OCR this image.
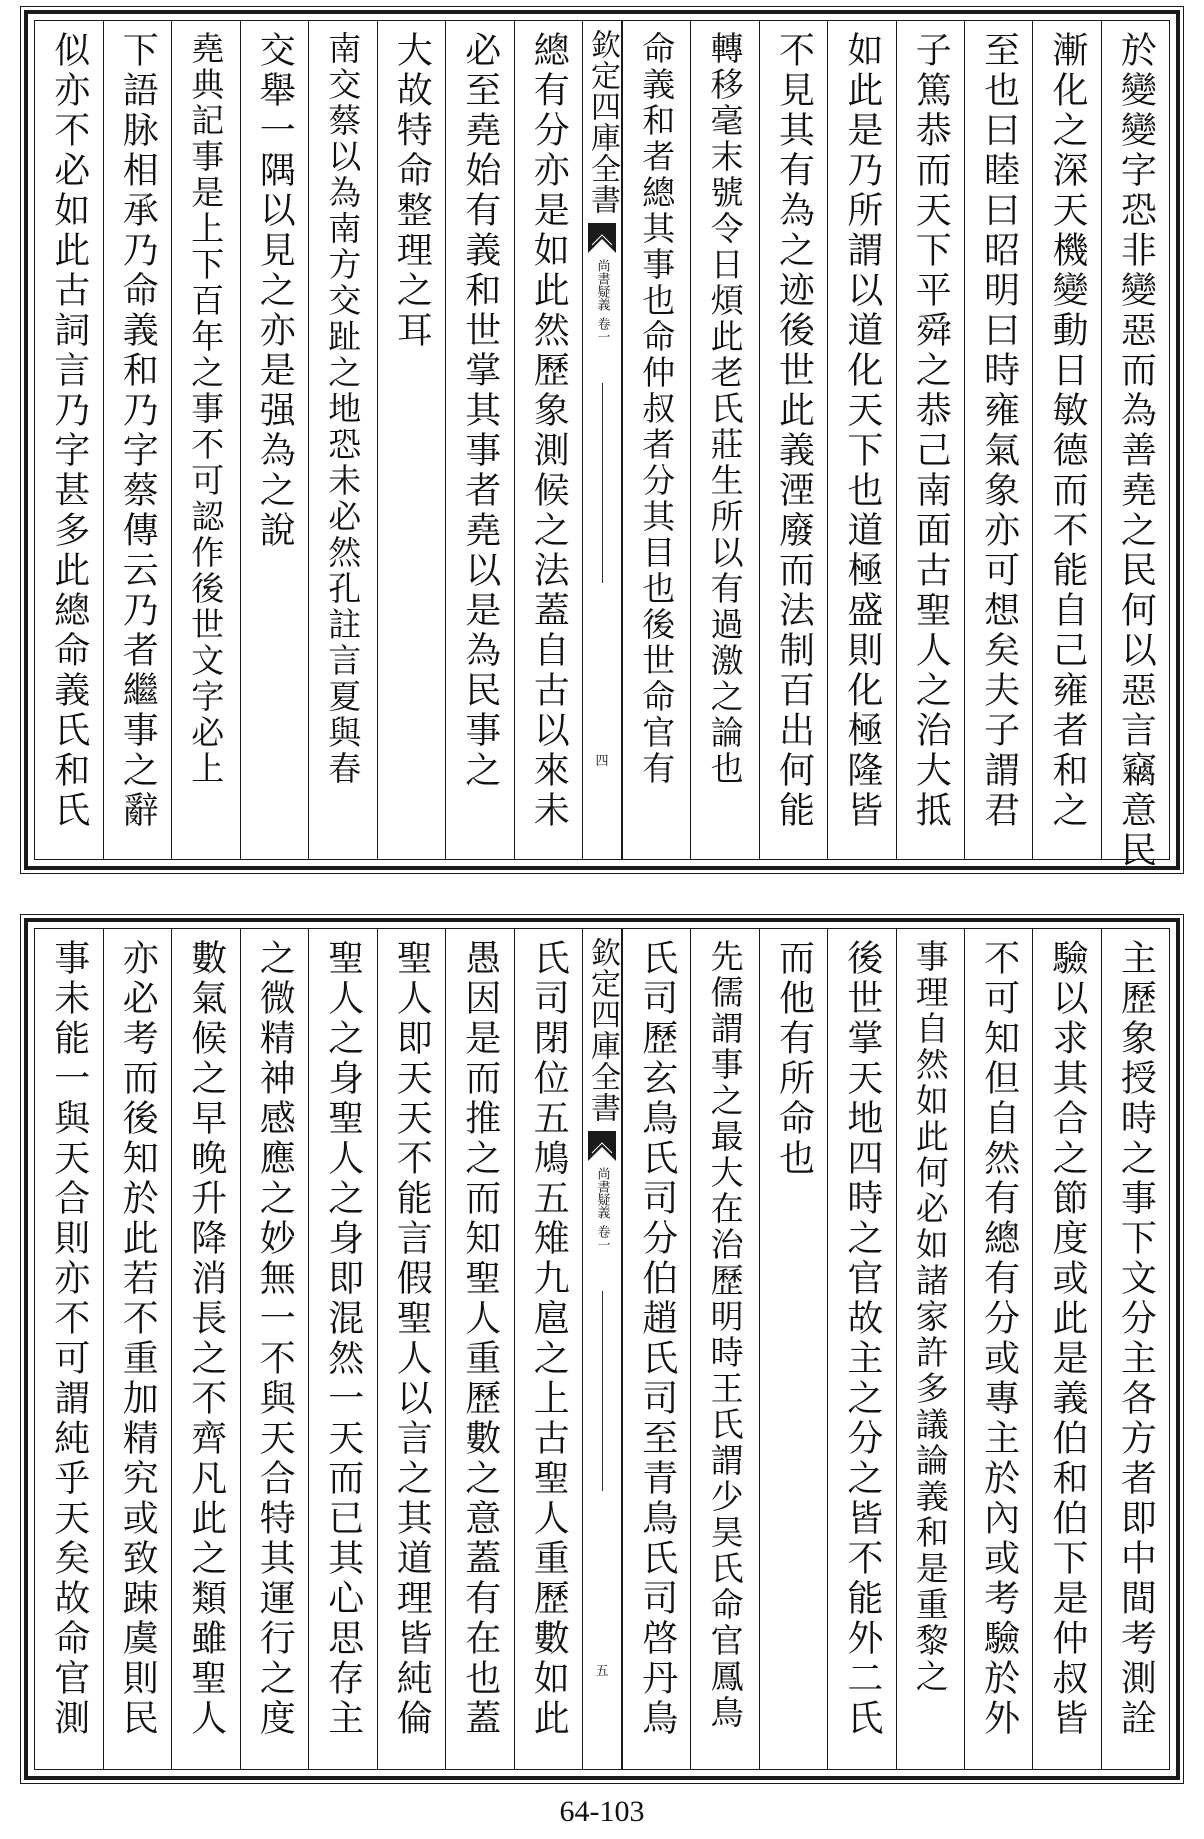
於變變字恐非變惡而為善堯之民何以惡言竊意民
漸化之深天機變動日敏德而不能自己雍者和之
至也曰睦曰昭明曰時雍氣象亦可想矣夫子謂君
子篤恭而天下平舜之恭己南面古聖人之治大抵
如此是乃所謂以道化天下也道極盛則化極隆皆
不見其有為之迹後世此義湮廢而法制百出何能
轉移毫末號令日煩此老氏莊生所以有過激之論也
命義和者總其事也命仲叔者分其目也後世命官有
欽定四庫全書
尚書疑義
卷一
四
總有分亦是如此然歷象測候之法蓋自古以來未
必至堯始有義和世掌其事者堯以是為民事之
大故特命整理之耳
南交蔡以為南方交趾之地恐未必然孔註言夏與春
交舉一隅以見之亦是强為之說
堯典記事是上下百年之事不可認作後世文字必上
下語脉相承乃命義和乃字蔡傳云乃者繼事之辭
似亦不必如此古詞言乃字甚多此總命義氏和氏
主歷象授時之事下文分主各方者即中間考測詮
驗以求其合之節度或此是義伯和伯下是仲叔皆
不可知但自然有總有分或專主於內或考驗於外
事理自然如此何必如諸家許多議論義和是重黎之
後世掌天地四時之官故主之分之皆不能外二氏
而他有所命也
先儒謂事之最大在治歷明時王氏謂少昊氏命官鳳鳥
氏司歷玄鳥氏司分伯趙氏司至青鳥氏司啓丹鳥
欽定四庫全書
尚書疑義
卷一
五
氏司閉位五鳩五雉九扈之上古聖人重歷數如此
愚因是而推之而知聖人重歷數之意蓋有在也蓋
聖人即天天不能言假聖人以言之其道理皆純倫
聖人之身聖人之身即混然一天而已其心思存主
之微精神感應之妙無一不與天合特其運行之度
數氣候之早晚升降消長之不齊凡此之類雖聖人
亦必考而後知於此若不重加精究或致踈虞則民
事未能一與天合則亦不可謂純乎天矣故命官測
64-103
